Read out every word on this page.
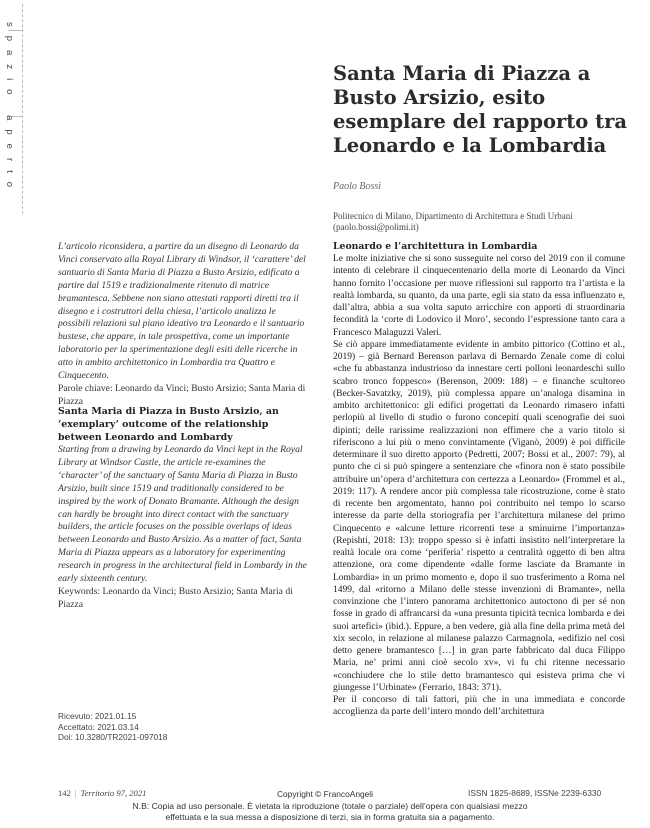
spazio aperto	Santa Maria di Piazza a Busto Arsizio, esito esemplare del rapporto tra Leonardo e la Lombardia
Paolo Bossi
Politecnico di Milano, Dipartimento di Architettura e Studi Urbani
(paolo.bossi@polimi.it)
L’articolo riconsidera, a partire da un disegno di Leonardo da Vinci conservato alla Royal Library di Windsor, il ‘carattere’ del santuario di Santa Maria di Piazza a Busto Arsizio, edificato a partire dal 1519 e tradizionalmente ritenuto di matrice bramantesca. Sebbene non siano attestati rapporti diretti tra il disegno e i costruttori della chiesa, l’articolo analizza le possibili relazioni sul piano ideativo tra Leonardo e il santuario bustese, che appare, in tale prospettiva, come un importante laboratorio per la sperimentazione degli esiti delle ricerche in atto in ambito architettonico in Lombardia tra Quattro e Cinquecento.
Parole chiave: Leonardo da Vinci; Busto Arsizio; Santa Maria di Piazza
Santa Maria di Piazza in Busto Arsizio, an ‘exemplary’ outcome of the relationship between Leonardo and Lombardy
Starting from a drawing by Leonardo da Vinci kept in the Royal Library at Windsor Castle, the article re-examines the ‘character’ of the sanctuary of Santa Maria di Piazza in Busto Arsizio, built since 1519 and traditionally considered to be inspired by the work of Donato Bramante. Although the design can hardly be brought into direct contact with the sanctuary builders, the article focuses on the possible overlaps of ideas between Leonardo and Busto Arsizio. As a matter of fact, Santa Maria di Piazza appears as a laboratory for experimenting research in progress in the architectural field in Lombardy in the early sixteenth century.
Keywords: Leonardo da Vinci; Busto Arsizio; Santa Maria di Piazza
Ricevuto: 2021.01.15
Accettato: 2021.03.14
Doi: 10.3280/TR2021-097018
Leonardo e l’architettura in Lombardia

Le molte iniziative che si sono susseguite nel corso del 2019 con il comune intento di celebrare il cinquecentenario della morte di Leonardo da Vinci hanno fornito l’occasione per nuove riflessioni sul rapporto tra l’artista e la realtà lombarda, su quanto, da una parte, egli sia stato da essa influenzato e, dall’altra, abbia a sua volta saputo arricchire con apporti di straordinaria fecondità la ‘corte di Lodovico il Moro’, secondo l’espressione tanto cara a Francesco Malaguzzi Valeri.

Se ciò appare immediatamente evidente in ambito pittorico (Cottino et al., 2019) – già Bernard Berenson parlava di Bernardo Zenale come di colui «che fu abbastanza industrioso da innestare certi polloni leonardeschi sullo scabro tronco foppesco» (Berenson, 2009: 188) – e finanche scultoreo (Becker-Savatzky, 2019), più complessa appare un’analoga disamina in ambito architettonico: gli edifici progettati da Leonardo rimasero infatti perlopiù al livello di studio o furono concepiti quali scenografie dei suoi dipinti; delle rarissime realizzazioni non effimere che a vario titolo si riferiscono a lui più o meno convintamente (Viganò, 2009) è poi difficile determinare il suo diretto apporto (Pedretti, 2007; Bossi et al., 2007: 79), al punto che ci si può spingere a sentenziare che «finora non è stato possibile attribuire un’opera d’architettura con certezza a Leonardo» (Frommel et al., 2019: 117). A rendere ancor più complessa tale ricostruzione, come è stato di recente ben argomentato, hanno poi contribuito nel tempo lo scarso interesse da parte della storiografia per l’architettura milanese del primo Cinquecento e «alcune letture ricorrenti tese a sminuirne l’importanza» (Repishti, 2018: 13): troppo spesso si è infatti insistito nell’interpretare la realtà locale ora come ‘periferia’ rispetto a centralità oggetto di ben altra attenzione, ora come dipendente «dalle forme lasciate da Bramante in Lombardia» in un primo momento e, dopo il suo trasferimento a Roma nel 1499, dal «ritorno a Milano delle stesse invenzioni di Bramante», nella convinzione che l’intero panorama architettonico autoctono di per sé non fosse in grado di affrancarsi da «una presunta tipicità tecnica lombarda e dei suoi artefici» (ibid.). Eppure, a ben vedere, già alla fine della prima metà del xix secolo, in relazione al milanese palazzo Carmagnola, «edifizio nel così detto genere bramantesco […] in gran parte fabbricato dal duca Filippo Maria, ne’ primi anni cioè secolo xv», vi fu chi ritenne necessario «conchiudere che lo stile detto bramantesco qui esisteva prima che vi giungesse l’Urbinate» (Ferrario, 1843: 371).

Per il concorso di tali fattori, più che in una immediata e concorde accoglienza da parte dell’intero mondo dell’architettura

142 | Territorio 97, 2021	Copyright © FrancoAngeli	ISSN 1825-8689, ISSNe 2239-6330
N.B: Copia ad uso personale. È vietata la riproduzione (totale o parziale) dell’opera con qualsiasi mezzo effettuata e la sua messa a disposizione di terzi, sia in forma gratuita sia a pagamento.
